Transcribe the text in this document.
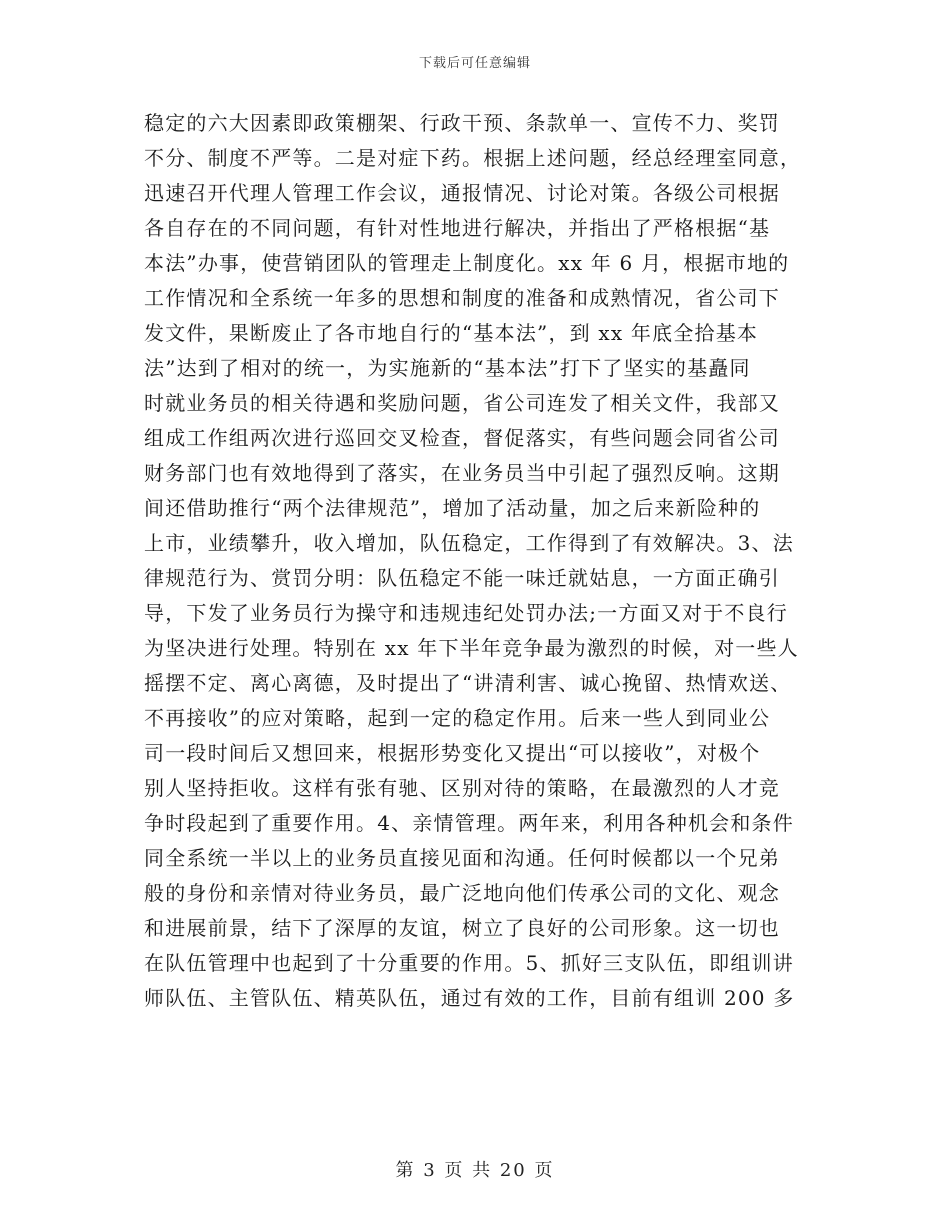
下载后可任意编辑
稳定的六大因素即政策棚架、行政干预、条款单一、宣传不力、奖罚
不分、制度不严等。二是对症下药。根据上述问题，经总经理室同意，
迅速召开代理人管理工作会议，通报情况、讨论对策。各级公司根据
各自存在的不同问题，有针对性地进行解决，并指出了严格根据“基
本法”办事，使营销团队的管理走上制度化。xx 年 6 月，根据市地的
工作情况和全系统一年多的思想和制度的准备和成熟情况，省公司下
发文件，果断废止了各市地自行的“基本法”，到 xx 年底全拾基本
法”达到了相对的统一，为实施新的“基本法”打下了坚实的基矗同
时就业务员的相关待遇和奖励问题，省公司连发了相关文件，我部又
组成工作组两次进行巡回交叉检查，督促落实，有些问题会同省公司
财务部门也有效地得到了落实，在业务员当中引起了强烈反响。这期
间还借助推行“两个法律规范”，增加了活动量，加之后来新险种的
上市，业绩攀升，收入增加，队伍稳定，工作得到了有效解决。3、法
律规范行为、赏罚分明：队伍稳定不能一味迁就姑息，一方面正确引
导，下发了业务员行为操守和违规违纪处罚办法;一方面又对于不良行
为坚决进行处理。特别在 xx 年下半年竞争最为激烈的时候，对一些人
摇摆不定、离心离德，及时提出了“讲清利害、诚心挽留、热情欢送、
不再接收”的应对策略，起到一定的稳定作用。后来一些人到同业公
司一段时间后又想回来，根据形势变化又提出“可以接收”，对极个
别人坚持拒收。这样有张有驰、区别对待的策略，在最激烈的人才竞
争时段起到了重要作用。4、亲情管理。两年来，利用各种机会和条件
同全系统一半以上的业务员直接见面和沟通。任何时候都以一个兄弟
般的身份和亲情对待业务员，最广泛地向他们传承公司的文化、观念
和进展前景，结下了深厚的友谊，树立了良好的公司形象。这一切也
在队伍管理中也起到了十分重要的作用。5、抓好三支队伍，即组训讲
师队伍、主管队伍、精英队伍，通过有效的工作，目前有组训 200 多
第 3 页 共 20 页
